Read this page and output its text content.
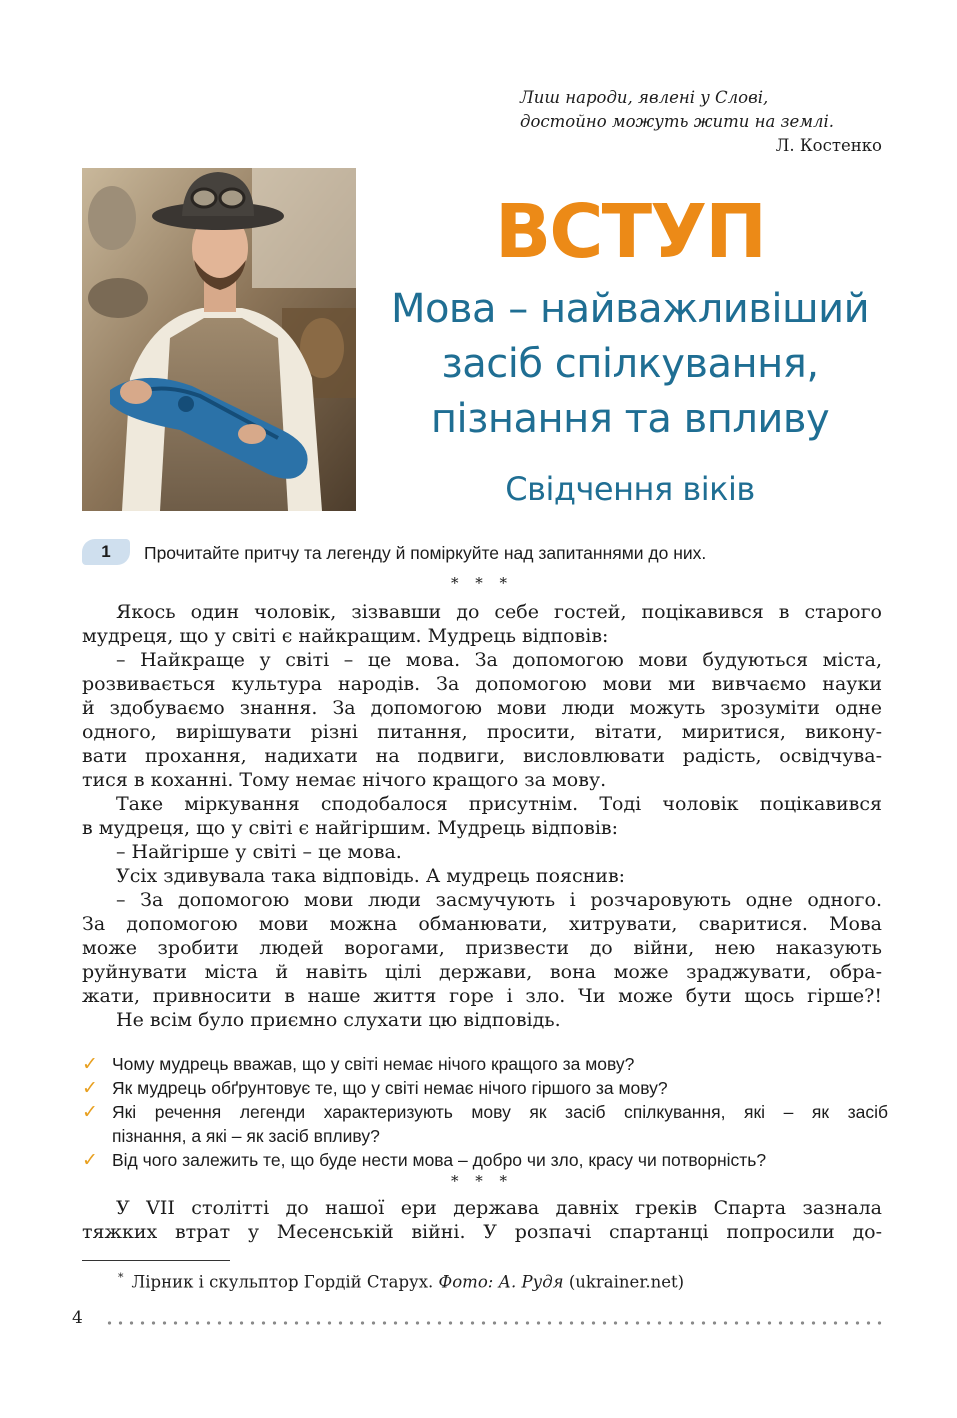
Лиш народи, явлені у Слові,
достойно можуть жити на землі.
Л. Костенко
ВСТУП
Мова – найважливіший
засіб спілкування,
пізнання та впливу
Свідчення віків
1	Прочитайте притчу та легенду й поміркуйте над запитаннями до них.
* * *

Якось один чоловік, зізвавши до себе гостей, поцікавився в старого

мудреця, що у світі є найкращим. Мудрець відповів:

– Найкраще у світі – це мова. За допомогою мови будуються міста,

розвивається культура народів. За допомогою мови ми вивчаємо науки

й здобуваємо знання. За допомогою мови люди можуть зрозуміти одне

одного, вирішувати різні питання, просити, вітати, миритися, викону-

вати прохання, надихати на подвиги, висловлювати радість, освідчува-

тися в коханні. Тому немає нічого кращого за мову.

Таке міркування сподобалося присутнім. Тоді чоловік поцікавився

в мудреця, що у світі є найгіршим. Мудрець відповів:

– Найгірше у світі – це мова.

Усіх здивувала така відповідь. А мудрець пояснив:

– За допомогою мови люди засмучують і розчаровують одне одного.

За допомогою мови можна обманювати, хитрувати, сваритися. Мова

може зробити людей ворогами, призвести до війни, нею наказують

руйнувати міста й навіть цілі держави, вона може зраджувати, обра-

жати, привносити в наше життя горе і зло. Чи може бути щось гірше?!

Не всім було приємно слухати цю відповідь.

✓ Чому мудрець вважав, що у світі немає нічого кращого за мову?
✓ Як мудрець обґрунтовує те, що у світі немає нічого гіршого за мову?
✓ Які речення легенди характеризують мову як засіб спілкування, які – як засіб
пізнання, а які – як засіб впливу?
✓ Від чого залежить те, що буде нести мова – добро чи зло, красу чи потворність?
* * *

У VII столітті до нашої ери держава давніх греків Спарта зазнала

тяжких втрат у Месенській війні. У розпачі спартанці попросили до-

* Лірник і скульптор Гордій Старух. Фото: А. Рудя (ukrainer.net)
4
